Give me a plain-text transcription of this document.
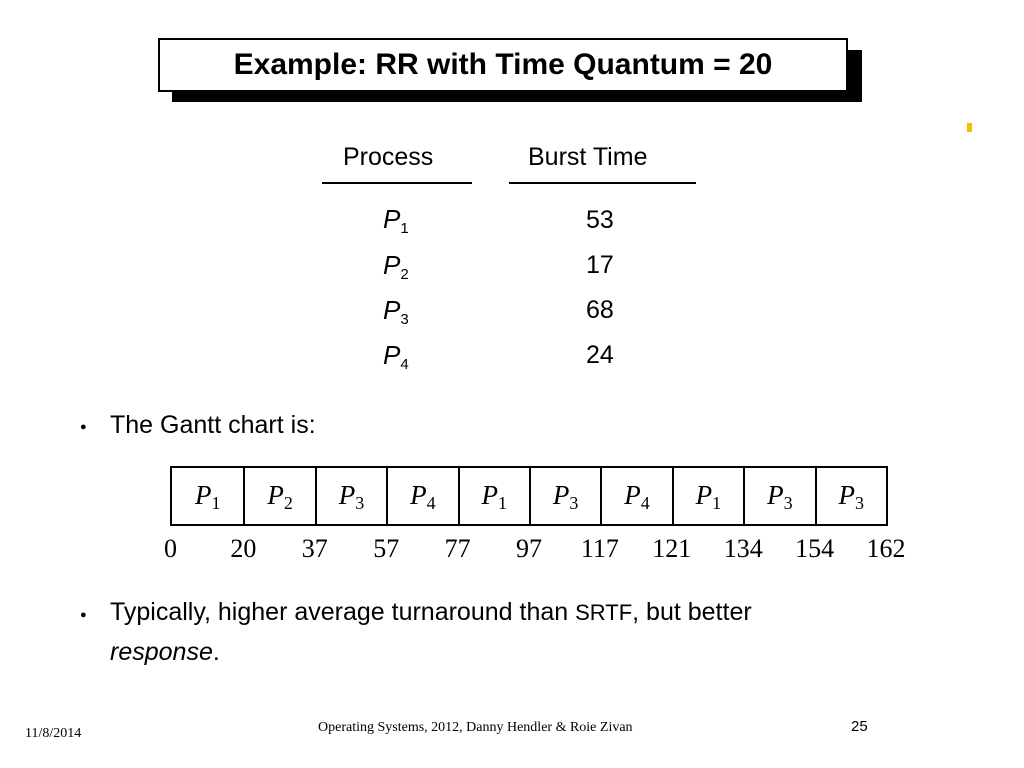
Example: RR with Time Quantum = 20
Process	Burst Time
$P_1$	53
$P_2$	17
$P_3$	68
$P_4$	24
● The Gantt chart is:
$P_1$	$P_2$	$P_3$	$P_4$	$P_1$	$P_3$	$P_4$	$P_1$	$P_3$	$P_3$
0 20 37 57 77 97 117 121 134 154 162
● Typically, higher average turnaround than SRTF, but better
response.
11/8/2014	Operating Systems, 2012, Danny Hendler & Roie Zivan	25
